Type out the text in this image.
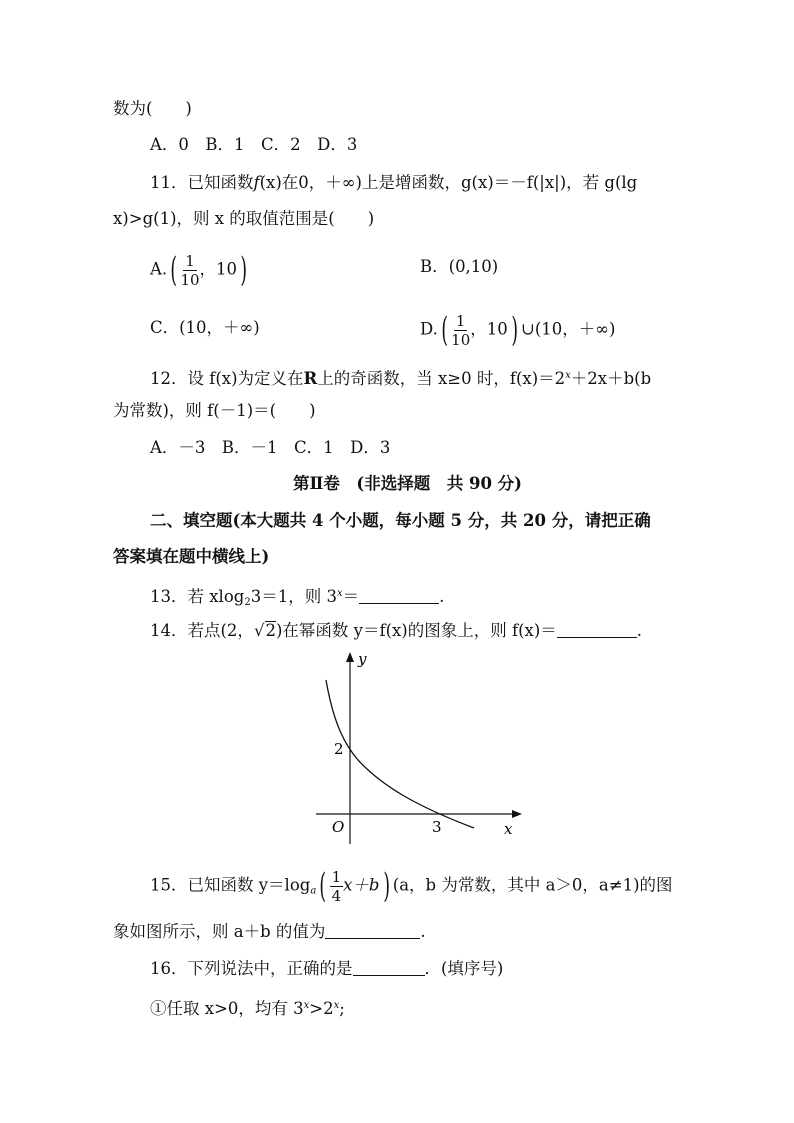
数为(　　)
A．0　B．1　C．2　D．3
11．已知函数f(x)在0，＋∞)上是增函数，g(x)＝－f(|x|)，若 g(lg
x)>g(1)，则 x 的取值范围是(　　)
$A.( \frac{1}{10}$ ，10)	B．(0,10)
C．(10，＋∞)	$D.( \frac{1}{10}$ ，10) ∪(10，＋∞)
12．设 f(x)为定义在R上的奇函数，当 x≥0 时，$f(x)=2^x+2x+b(b$
为常数)，则 f(－1)＝(　　)
A．－3　B．－1　C．1　D．3
第Ⅱ卷　(非选择题　共 90 分)
二、填空题(本大题共 4 个小题，每小题 5 分，共 20 分，请把正确
答案填在题中横线上)
13．若 xlog$_2$3＝1，则 $3^x=$	.
14．若点(2，√2)在幂函数 y＝f(x)的图象上，则 f(x)＝	.
y
x
O
2
3
15．已知函数 $y=\log_a( \frac{1}{4} x+b)$ (a，b 为常数，其中 a＞0，a≠1)的图
象如图所示，则 a＋b 的值为	.
16．下列说法中，正确的是	．(填序号)
①任取 x>0，均有 $3^x>2^x$;
